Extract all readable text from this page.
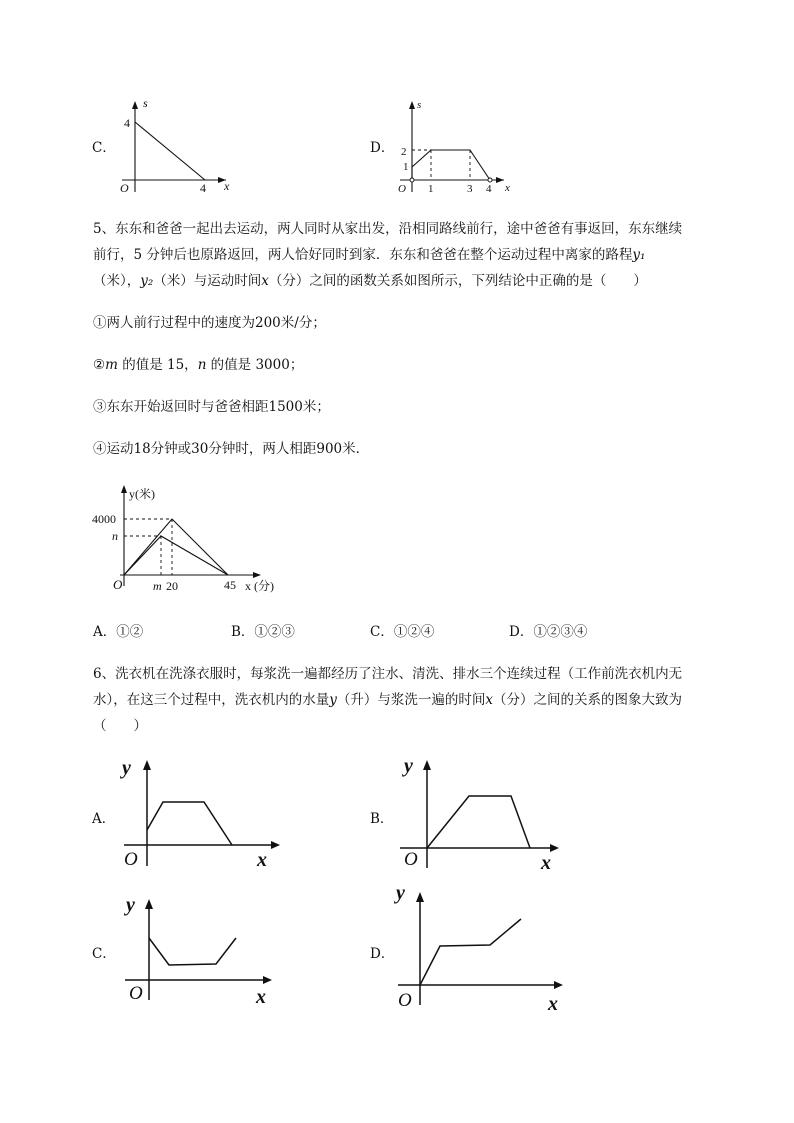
C．
s
4
O	4 x
D．
s
2
1
O 1	3 4 x
5、东东和爸爸一起出去运动，两人同时从家出发，沿相同路线前行，途中爸爸有事返回，东东继续
前行，5 分钟后也原路返回，两人恰好同时到家．东东和爸爸在整个运动过程中离家的路程y₁
（米），y₂（米）与运动时间x（分）之间的函数关系如图所示，下列结论中正确的是（　　）
①两人前行过程中的速度为200米/分；
②m 的值是 15，n 的值是 3000；
③东东开始返回时与爸爸相距1500米；
④运动18分钟或30分钟时，两人相距900米．
y(米)
4000
n
O	m 20	45 x (分)
A．①②	B．①②③	C．①②④	D．①②③④
6、洗衣机在洗涤衣服时，每浆洗一遍都经历了注水、清洗、排水三个连续过程（工作前洗衣机内无
水），在这三个过程中，洗衣机内的水量y（升）与浆洗一遍的时间x（分）之间的关系的图象大致为
（　　）
A．	B．
C．	D．
y
O	x
y
O	x
y
O	x
y
O	x
